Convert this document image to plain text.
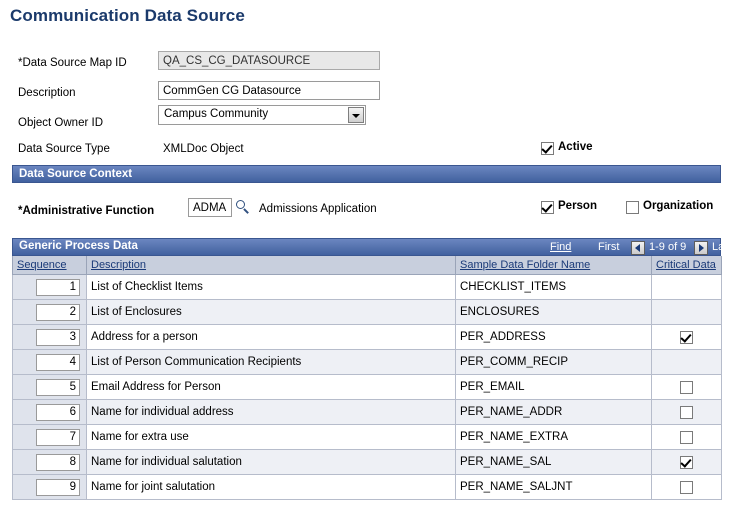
Communication Data Source
*Data Source Map ID
QA_CS_CG_DATASOURCE
Description
CommGen CG Datasource
Object Owner ID
Campus Community
Data Source Type	XMLDoc Object	Active
Data Source Context
*Administrative Function	ADMA	Admissions Application	Person	Organization
Generic Process Data	Find First	1-9 of 9 Last
Sequence	Description	Sample Data Folder Name	Critical Data
1	List of Checklist Items	CHECKLIST_ITEMS	
2	List of Enclosures	ENCLOSURES	
3	Address for a person	PER_ADDRESS	
4	List of Person Communication Recipients	PER_COMM_RECIP	
5	Email Address for Person	PER_EMAIL	
6	Name for individual address	PER_NAME_ADDR	
7	Name for extra use	PER_NAME_EXTRA	
8	Name for individual salutation	PER_NAME_SAL	
9	Name for joint salutation	PER_NAME_SALJNT	
